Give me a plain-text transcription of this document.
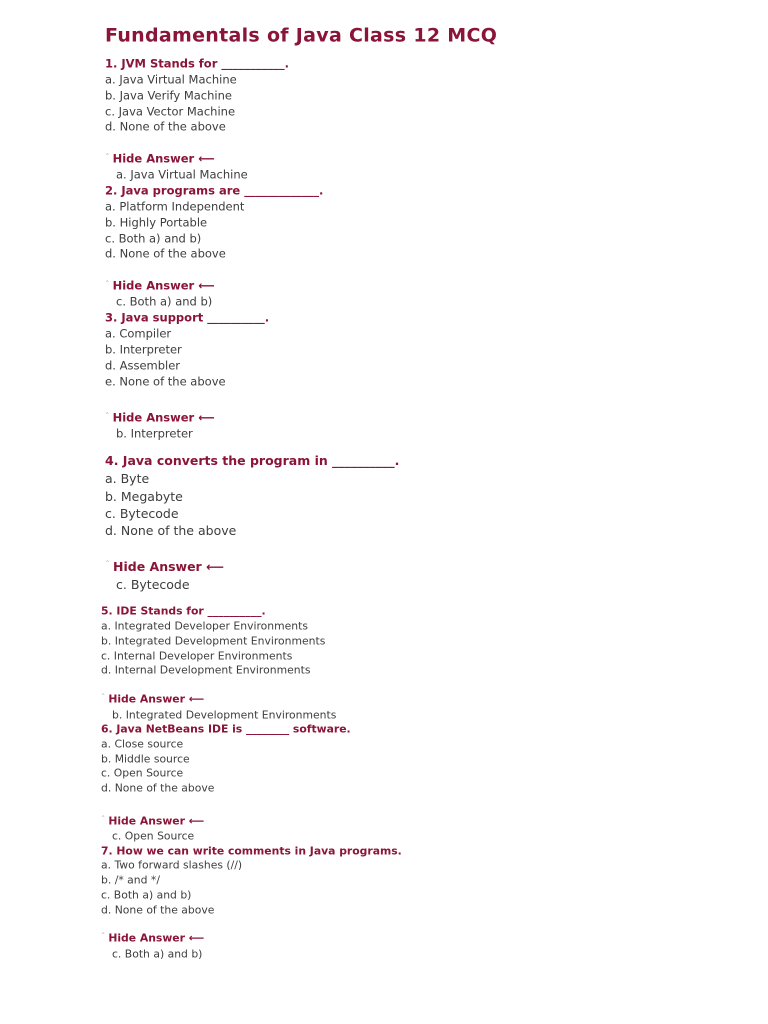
Fundamentals of Java Class 12 MCQ
1. JVM Stands for ___________.
a. Java Virtual Machine
b. Java Verify Machine
c. Java Vector Machine
d. None of the above
$^ˆ$ Hide Answer ⟵
a. Java Virtual Machine
2. Java programs are _____________.
a. Platform Independent
b. Highly Portable
c. Both a) and b)
d. None of the above
$^ˆ$ Hide Answer ⟵
c. Both a) and b)
3. Java support __________.
a. Compiler
b. Interpreter
d. Assembler
e. None of the above
$^ˆ$ Hide Answer ⟵
b. Interpreter
4. Java converts the program in __________.
a. Byte
b. Megabyte
c. Bytecode
d. None of the above
$^ˆ$ Hide Answer ⟵
c. Bytecode
5. IDE Stands for __________.
a. Integrated Developer Environments
b. Integrated Development Environments
c. Internal Developer Environments
d. Internal Development Environments
$^ˆ$ Hide Answer ⟵
b. Integrated Development Environments
6. Java NetBeans IDE is ________ software.
a. Close source
b. Middle source
c. Open Source
d. None of the above
$^ˆ$ Hide Answer ⟵
c. Open Source
7. How we can write comments in Java programs.
a. Two forward slashes (//)
b. /* and */
c. Both a) and b)
d. None of the above
$^ˆ$ Hide Answer ⟵
c. Both a) and b)
